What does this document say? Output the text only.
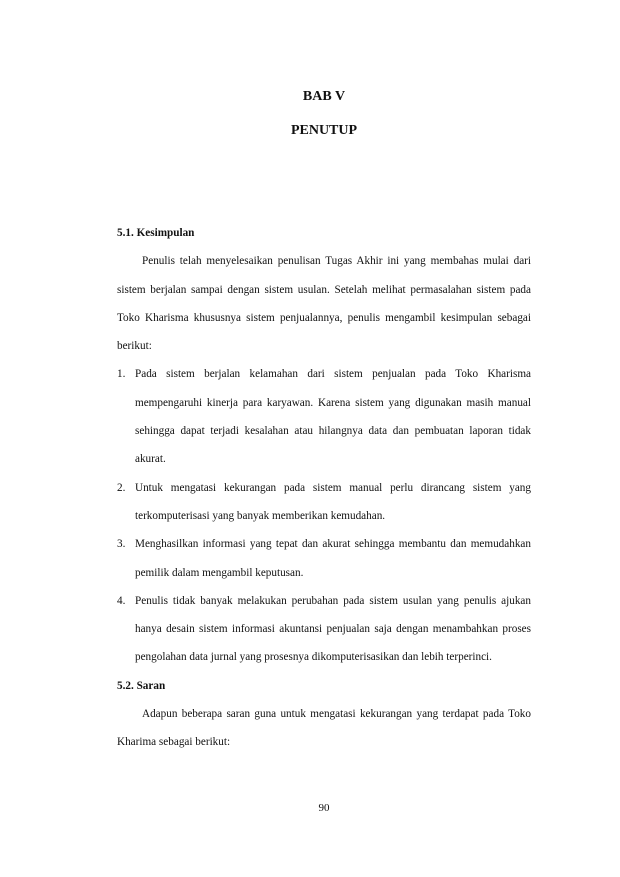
BAB V
PENUTUP

5.1. Kesimpulan

Penulis telah menyelesaikan penulisan Tugas Akhir ini yang membahas mulai dari sistem berjalan sampai dengan sistem usulan. Setelah melihat permasalahan sistem pada Toko Kharisma khususnya sistem penjualannya, penulis mengambil kesimpulan sebagai berikut:

1. Pada sistem berjalan kelamahan dari sistem penjualan pada Toko Kharisma mempengaruhi kinerja para karyawan. Karena sistem yang digunakan masih manual sehingga dapat terjadi kesalahan atau hilangnya data dan pembuatan laporan tidak akurat.
2. Untuk mengatasi kekurangan pada sistem manual perlu dirancang sistem yang terkomputerisasi yang banyak memberikan kemudahan.
3. Menghasilkan informasi yang tepat dan akurat sehingga membantu dan memudahkan pemilik dalam mengambil keputusan.
4. Penulis tidak banyak melakukan perubahan pada sistem usulan yang penulis ajukan hanya desain sistem informasi akuntansi penjualan saja dengan menambahkan proses pengolahan data jurnal yang prosesnya dikomputerisasikan dan lebih terperinci.

5.2. Saran

Adapun beberapa saran guna untuk mengatasi kekurangan yang terdapat pada Toko Kharima sebagai berikut:

90
